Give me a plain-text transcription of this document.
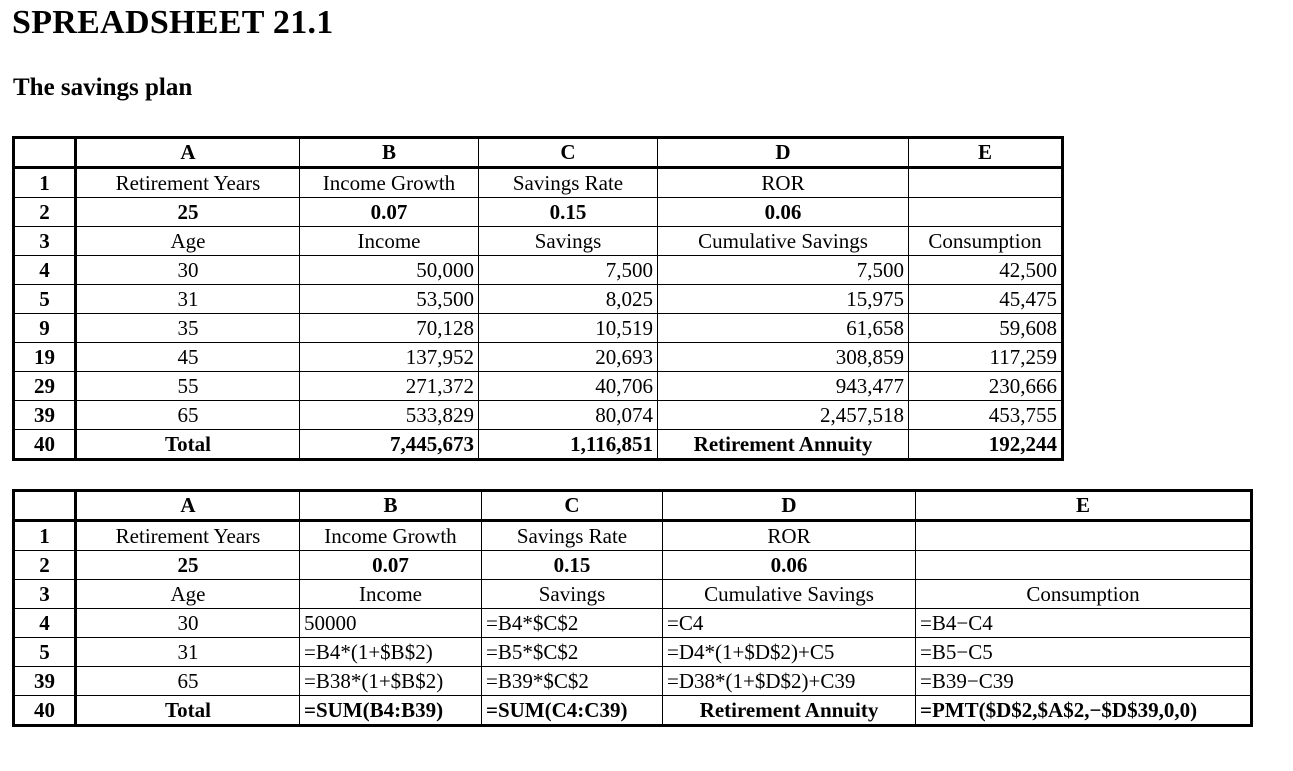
SPREADSHEET 21.1
The savings plan
	A	B	C	D	E
1	Retirement Years	Income Growth	Savings Rate	ROR	
2	25	0.07	0.15	0.06	
3	Age	Income	Savings	Cumulative Savings	Consumption
4	30	50,000	7,500	7,500	42,500
5	31	53,500	8,025	15,975	45,475
9	35	70,128	10,519	61,658	59,608
19	45	137,952	20,693	308,859	117,259
29	55	271,372	40,706	943,477	230,666
39	65	533,829	80,074	2,457,518	453,755
40	Total	7,445,673	1,116,851	Retirement Annuity	192,244
	A	B	C	D	E
1	Retirement Years	Income Growth	Savings Rate	ROR	
2	25	0.07	0.15	0.06	
3	Age	Income	Savings	Cumulative Savings	Consumption
4	30	50000	=B4*$C$2	=C4	=B4−C4
5	31	=B4*(1+$B$2)	=B5*$C$2	=D4*(1+$D$2)+C5	=B5−C5
39	65	=B38*(1+$B$2)	=B39*$C$2	=D38*(1+$D$2)+C39	=B39−C39
40	Total	=SUM(B4:B39)	=SUM(C4:C39)	Retirement Annuity	=PMT($D$2,$A$2,−$D$39,0,0)
